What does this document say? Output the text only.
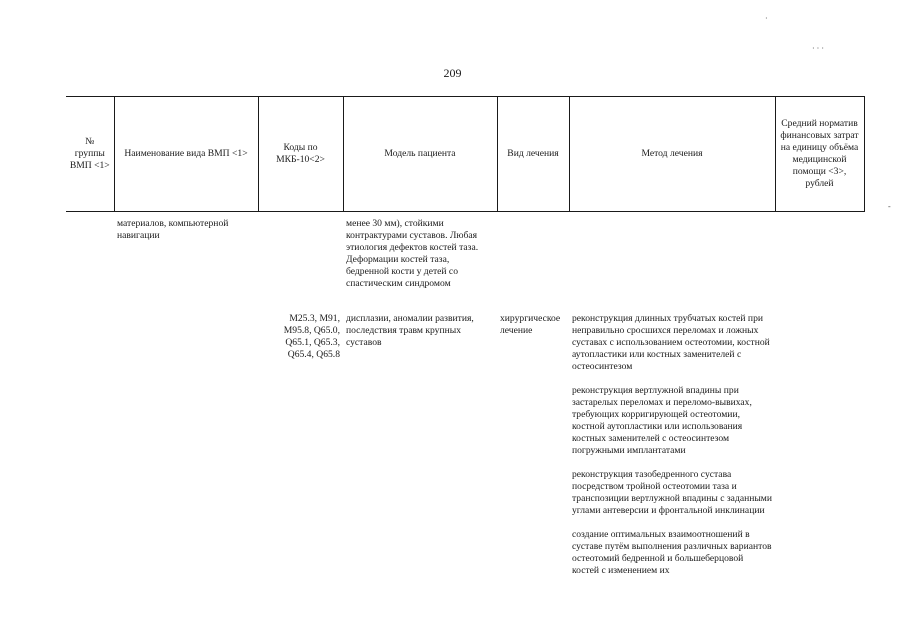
209
·
· · ·
-
№ группы ВМП <1>	Наименование вида ВМП <1>	Коды по МКБ-10<2>	Модель пациента	Вид лечения	Метод лечения	Средний норматив финансовых затрат на единицу объёма медицинской помощи <3>, рублей
	материалов, компьютерной навигации		менее 30 мм), стойкими контрактурами суставов. Любая этиология дефектов костей таза. Деформации костей таза, бедренной кости у детей со спастическим синдромом			
		M25.3, M91, M95.8, Q65.0, Q65.1, Q65.3, Q65.4, Q65.8	дисплазии, аномалии развития, последствия травм крупных суставов	хирургическое лечение	реконструкция длинных трубчатых костей при неправильно сросшихся переломах и ложных суставах с использованием остеотомии, костной аутопластики или костных заменителей с остеосинтезом

реконструкция вертлужной впадины при застарелых переломах и переломо-вывихах, требующих корригирующей остеотомии, костной аутопластики или использования костных заменителей с остеосинтезом погружными имплантатами

реконструкция тазобедренного сустава посредством тройной остеотомии таза и транспозиции вертлужной впадины с заданными углами антеверсии и фронтальной инклинации

создание оптимальных взаимоотношений в суставе путём выполнения различных вариантов остеотомий бедренной и большеберцовой костей с изменением их	
